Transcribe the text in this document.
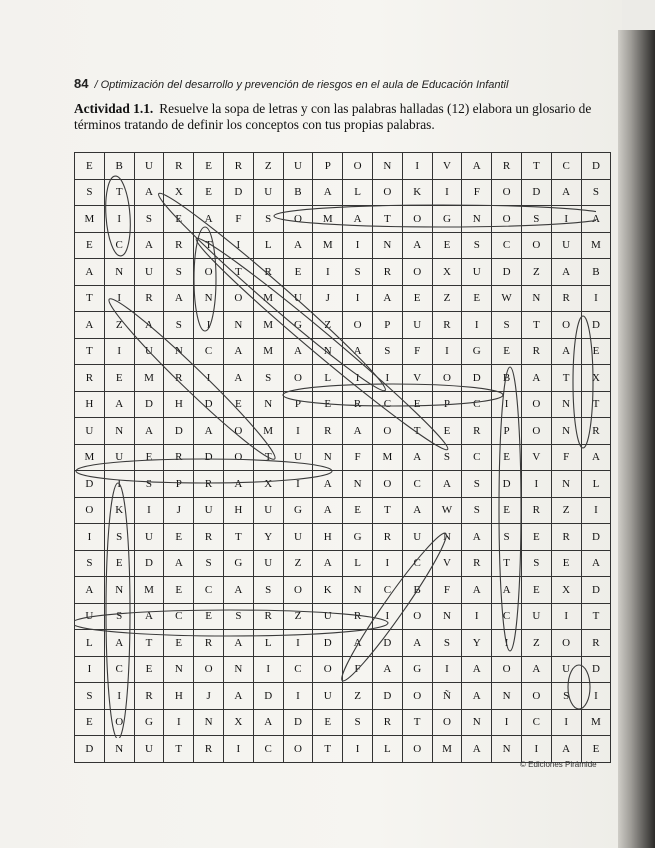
84 / Optimización del desarrollo y prevención de riesgos en el aula de Educación Infantil
Actividad 1.1. Resuelve la sopa de letras y con las palabras halladas (12) elabora un glosario de términos tratando de definir los conceptos con tus propias palabras.
E	B	U	R	E	R	Z	U	P	O	N	I	V	A	R	T	C	D
S	T	A	X	E	D	U	B	A	L	O	K	I	F	O	D	A	S
M	I	S	E	A	F	S	O	M	A	T	O	G	N	O	S	I	A
E	C	A	R	T	I	L	A	M	I	N	A	E	S	C	O	U	M
A	N	U	S	O	T	R	E	I	S	R	O	X	U	D	Z	A	B
T	I	R	A	N	O	M	U	J	I	A	E	Z	E	W	N	R	I
A	Z	A	S	I	N	M	G	Z	O	P	U	R	I	S	T	O	D
T	I	U	N	C	A	M	A	N	A	S	F	I	G	E	R	A	E
R	E	M	R	I	A	S	O	L	I	I	V	O	D	B	A	T	X
H	A	D	H	D	E	N	P	E	R	C	E	P	C	I	O	N	T
U	N	A	D	A	O	M	I	R	A	O	T	E	R	P	O	N	R
M	U	E	R	D	O	T	U	N	F	M	A	S	C	E	V	F	A
D	I	S	P	R	A	X	I	A	N	O	C	A	S	D	I	N	L
O	K	I	J	U	H	U	G	A	E	T	A	W	S	E	R	Z	I
I	S	U	E	R	T	Y	U	H	G	R	U	N	A	S	E	R	D
S	E	D	A	S	G	U	Z	A	L	I	C	V	R	T	S	E	A
A	N	M	E	C	A	S	O	K	N	C	B	F	A	A	E	X	D
U	S	A	C	E	S	R	Z	U	R	I	O	N	I	C	U	I	T
L	A	T	E	R	A	L	I	D	A	D	A	S	Y	I	Z	O	R
I	C	E	N	O	N	I	C	O	F	A	G	I	A	O	A	U	D
S	I	R	H	J	A	D	I	U	Z	D	O	Ñ	A	N	O	S	I
E	O	G	I	N	X	A	D	E	S	R	T	O	N	I	C	I	M
D	N	U	T	R	I	C	O	T	I	L	O	M	A	N	I	A	E
© Ediciones Pirámide
